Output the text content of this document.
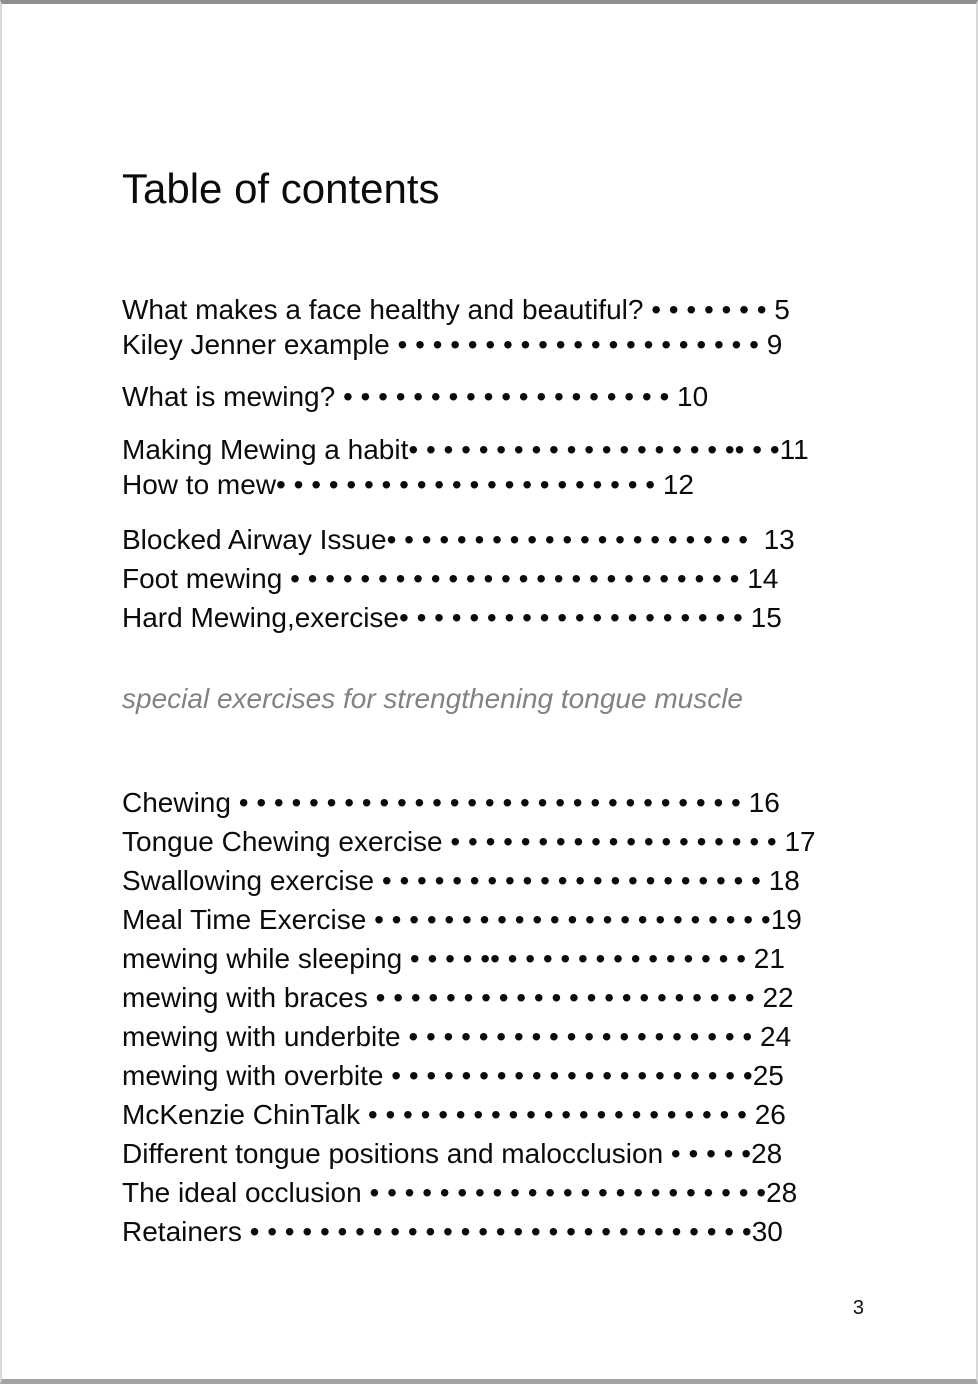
Table of contents

What makes a face healthy and beautiful? • • • • • • • 5

Kiley Jenner example • • • • • • • • • • • • • • • • • • • • • 9

What is mewing? • • • • • • • • • • • • • • • • • • • 10

Making Mewing a habit• • • • • • • • • • • • • • • • • • •• • •11

How to mew• • • • • • • • • • • • • • • • • • • • • • 12

Blocked Airway Issue• • • • • • • • • • • • • • • • • • • • •  13

Foot mewing • • • • • • • • • • • • • • • • • • • • • • • • • • 14

Hard Mewing,exercise• • • • • • • • • • • • • • • • • • • • 15

special exercises for strengthening tongue muscle

Chewing • • • • • • • • • • • • • • • • • • • • • • • • • • • • • 16

Tongue Chewing exercise • • • • • • • • • • • • • • • • • • • 17

Swallowing exercise • • • • • • • • • • • • • • • • • • • • • • 18

Meal Time Exercise • • • • • • • • • • • • • • • • • • • • • • •19

mewing while sleeping • • • • •• • • • • • • • • • • • • • • 21

mewing with braces • • • • • • • • • • • • • • • • • • • • • • 22

mewing with underbite • • • • • • • • • • • • • • • • • • • • 24

mewing with overbite • • • • • • • • • • • • • • • • • • • • •25

McKenzie ChinTalk • • • • • • • • • • • • • • • • • • • • • • 26

Different tongue positions and malocclusion • • • • •28

The ideal occlusion • • • • • • • • • • • • • • • • • • • • • • •28

Retainers • • • • • • • • • • • • • • • • • • • • • • • • • • • • •30

3
